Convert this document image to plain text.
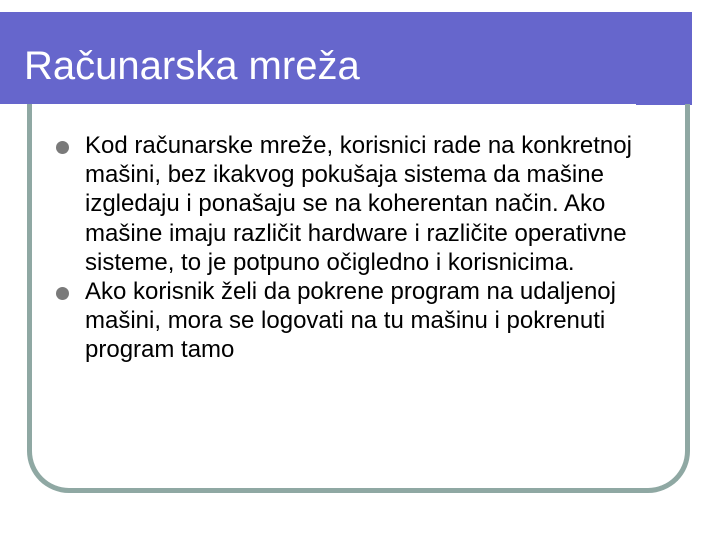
Računarska mreža
Kod računarske mreže, korisnici rade na konkretnoj mašini, bez ikakvog pokušaja sistema da mašine izgledaju i ponašaju se na koherentan način. Ako mašine imaju različit hardware i različite operativne sisteme, to je potpuno očigledno i korisnicima.
Ako korisnik želi da pokrene program na udaljenoj mašini, mora se logovati na tu mašinu i pokrenuti program tamo
